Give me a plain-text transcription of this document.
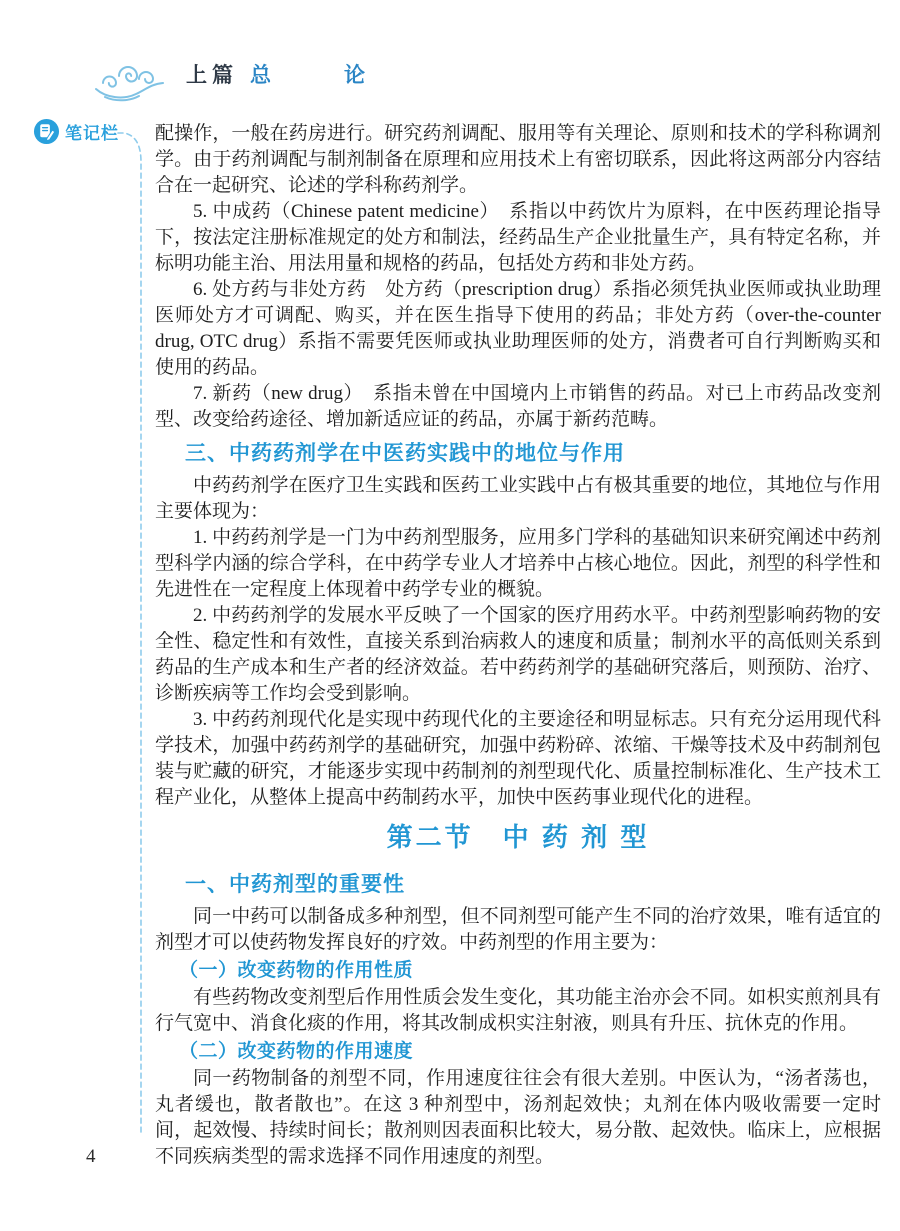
上篇 总　论
笔记栏 配操作，一般在药房进行。研究药剂调配、服用等有关理论、原则和技术的学科称调剂学。由于药剂调配与制剂制备在原理和应用技术上有密切联系，因此将这两部分内容结合在一起研究、论述的学科称药剂学。

5. 中成药（Chinese patent medicine）　系指以中药饮片为原料，在中医药理论指导下，按法定注册标准规定的处方和制法，经药品生产企业批量生产，具有特定名称，并标明功能主治、用法用量和规格的药品，包括处方药和非处方药。

6. 处方药与非处方药　处方药（prescription drug）系指必须凭执业医师或执业助理医师处方才可调配、购买，并在医生指导下使用的药品；非处方药（over-the-counter drug, OTC drug）系指不需要凭医师或执业助理医师的处方，消费者可自行判断购买和使用的药品。

7. 新药（new drug）　系指未曾在中国境内上市销售的药品。对已上市药品改变剂型、改变给药途径、增加新适应证的药品，亦属于新药范畴。

三、中药药剂学在中医药实践中的地位与作用

中药药剂学在医疗卫生实践和医药工业实践中占有极其重要的地位，其地位与作用主要体现为：

1. 中药药剂学是一门为中药剂型服务，应用多门学科的基础知识来研究阐述中药剂型科学内涵的综合学科，在中药学专业人才培养中占核心地位。因此，剂型的科学性和先进性在一定程度上体现着中药学专业的概貌。

2. 中药药剂学的发展水平反映了一个国家的医疗用药水平。中药剂型影响药物的安全性、稳定性和有效性，直接关系到治病救人的速度和质量；制剂水平的高低则关系到药品的生产成本和生产者的经济效益。若中药药剂学的基础研究落后，则预防、治疗、诊断疾病等工作均会受到影响。

3. 中药药剂现代化是实现中药现代化的主要途径和明显标志。只有充分运用现代科学技术，加强中药药剂学的基础研究，加强中药粉碎、浓缩、干燥等技术及中药制剂包装与贮藏的研究，才能逐步实现中药制剂的剂型现代化、质量控制标准化、生产技术工程产业化，从整体上提高中药制药水平，加快中医药事业现代化的进程。

第二节　中 药 剂 型
一、中药剂型的重要性

同一中药可以制备成多种剂型，但不同剂型可能产生不同的治疗效果，唯有适宜的剂型才可以使药物发挥良好的疗效。中药剂型的作用主要为：

（一）改变药物的作用性质

有些药物改变剂型后作用性质会发生变化，其功能主治亦会不同。如枳实煎剂具有行气宽中、消食化痰的作用，将其改制成枳实注射液，则具有升压、抗休克的作用。

（二）改变药物的作用速度

同一药物制备的剂型不同，作用速度往往会有很大差别。中医认为，“汤者荡也，丸者缓也，散者散也”。在这 3 种剂型中，汤剂起效快；丸剂在体内吸收需要一定时间，起效慢、持续时间长；散剂则因表面积比较大，易分散、起效快。临床上，应根据不同疾病类型的需求选择不同作用速度的剂型。

4
